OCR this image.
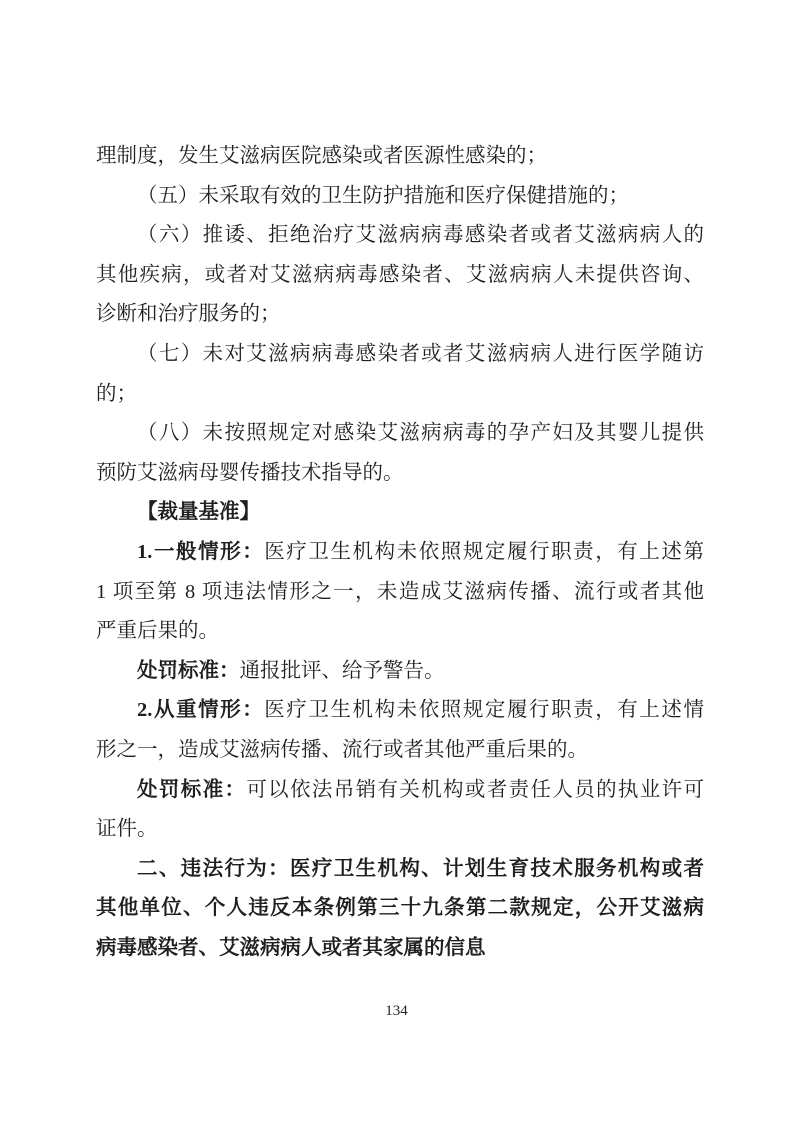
理制度，发生艾滋病医院感染或者医源性感染的；
（五）未采取有效的卫生防护措施和医疗保健措施的；
（六）推诿、拒绝治疗艾滋病病毒感染者或者艾滋病病人的
其他疾病，或者对艾滋病病毒感染者、艾滋病病人未提供咨询、
诊断和治疗服务的；
（七）未对艾滋病病毒感染者或者艾滋病病人进行医学随访
的；
（八）未按照规定对感染艾滋病病毒的孕产妇及其婴儿提供
预防艾滋病母婴传播技术指导的。
【裁量基准】
1.一般情形：医疗卫生机构未依照规定履行职责，有上述第
1 项至第 8 项违法情形之一，未造成艾滋病传播、流行或者其他
严重后果的。
处罚标准：通报批评、给予警告。
2.从重情形：医疗卫生机构未依照规定履行职责，有上述情
形之一，造成艾滋病传播、流行或者其他严重后果的。
处罚标准：可以依法吊销有关机构或者责任人员的执业许可
证件。
二、违法行为：医疗卫生机构、计划生育技术服务机构或者
其他单位、个人违反本条例第三十九条第二款规定，公开艾滋病
病毒感染者、艾滋病病人或者其家属的信息
134
